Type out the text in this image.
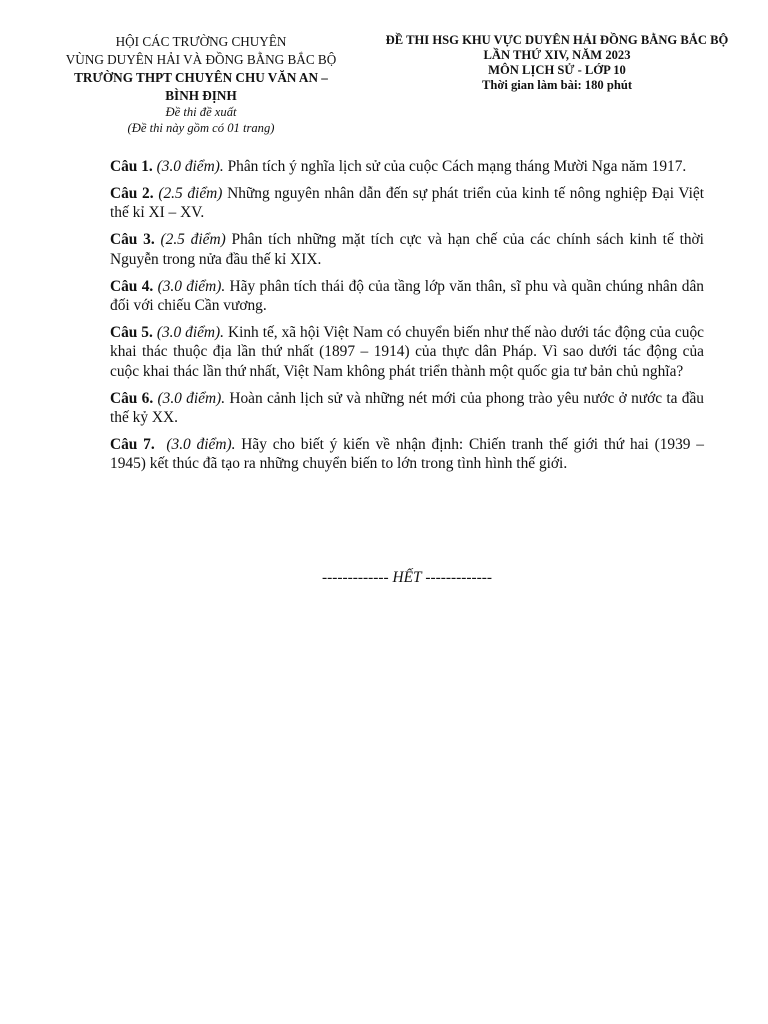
HỘI CÁC TRƯỜNG CHUYÊN
VÙNG DUYÊN HẢI VÀ ĐỒNG BẰNG BẮC BỘ
TRƯỜNG THPT CHUYÊN CHU VĂN AN –
BÌNH ĐỊNH
Đề thi đề xuất
(Đề thi này gồm có 01 trang)
ĐỀ THI HSG KHU VỰC DUYÊN HẢI ĐỒNG BẰNG BẮC BỘ
LẦN THỨ XIV, NĂM 2023
MÔN LỊCH SỬ - LỚP 10
Thời gian làm bài: 180 phút

Câu 1. (3.0 điểm). Phân tích ý nghĩa lịch sử của cuộc Cách mạng tháng Mười Nga năm 1917.

Câu 2. (2.5 điểm) Những nguyên nhân dẫn đến sự phát triển của kinh tế nông nghiệp Đại Việt thế kỉ XI – XV.

Câu 3. (2.5 điểm) Phân tích những mặt tích cực và hạn chế của các chính sách kinh tế thời Nguyễn trong nửa đầu thế kỉ XIX.

Câu 4. (3.0 điểm). Hãy phân tích thái độ của tầng lớp văn thân, sĩ phu và quần chúng nhân dân đối với chiếu Cần vương.

Câu 5. (3.0 điểm). Kinh tế, xã hội Việt Nam có chuyển biến như thế nào dưới tác động của cuộc khai thác thuộc địa lần thứ nhất (1897 – 1914) của thực dân Pháp. Vì sao dưới tác động của cuộc khai thác lần thứ nhất, Việt Nam không phát triển thành một quốc gia tư bản chủ nghĩa?

Câu 6. (3.0 điểm). Hoàn cảnh lịch sử và những nét mới của phong trào yêu nước ở nước ta đầu thế kỷ XX.

Câu 7. (3.0 điểm). Hãy cho biết ý kiến về nhận định: Chiến tranh thế giới thứ hai (1939 – 1945) kết thúc đã tạo ra những chuyển biến to lớn trong tình hình thế giới.

------------- HẾT -------------
